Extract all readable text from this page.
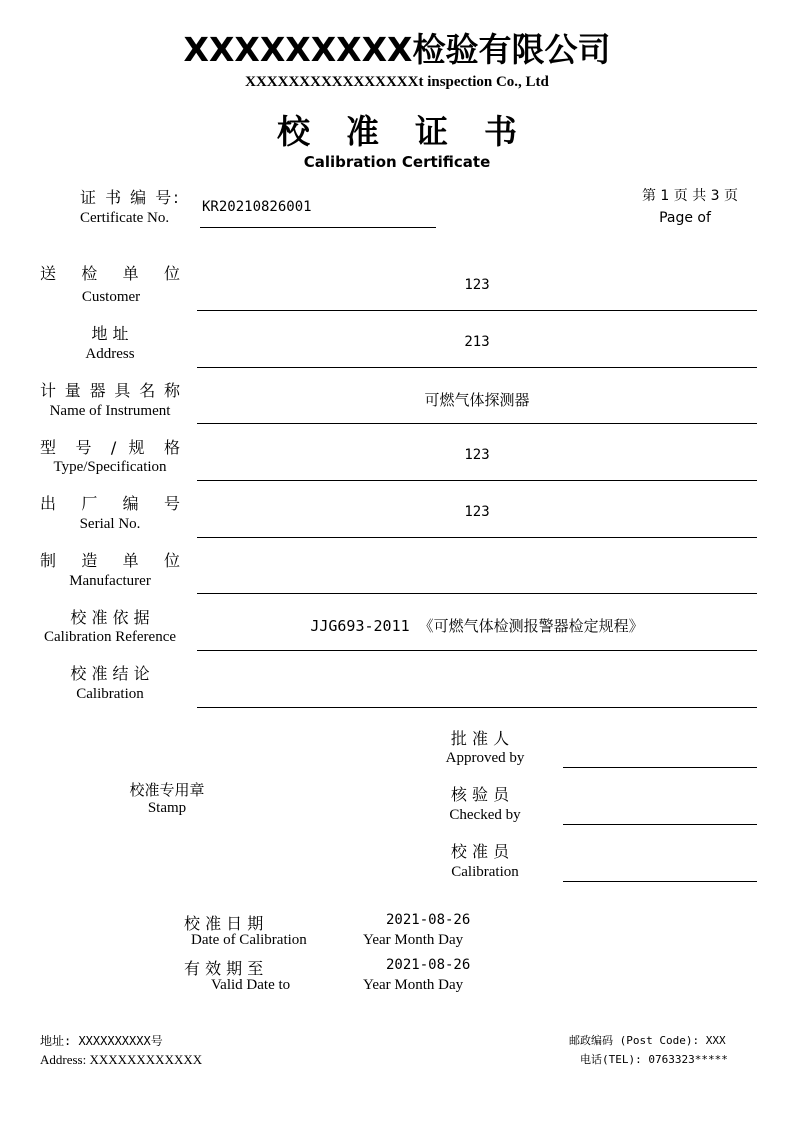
XXXXXXXXX检验有限公司
XXXXXXXXXXXXXXXXt inspection Co., Ltd
校准证书
Calibration Certificate
证 书 编 号:
Certificate No.
KR20210826001
第 1 页 共 3 页
Page of
送 检 单 位
Customer
123
地 址
Address
213
计 量 器 具 名 称
Name of Instrument
可燃气体探测器
型 号 / 规 格
Type/Specification
123
出 厂 编 号
Serial No.
123
制 造 单 位
Manufacturer
校 准 依 据
Calibration Reference
JJG693-2011 《可燃气体检测报警器检定规程》
校 准 结 论
Calibration
校准专用章
Stamp
批 准 人
Approved by
核 验 员
Checked by
校 准 员
Calibration
校 准 日 期
Date of Calibration
2021-08-26
Year Month Day
有 效 期 至
Valid Date to
2021-08-26
Year Month Day
地址: XXXXXXXXXX号
Address: XXXXXXXXXXXX
邮政编码 (Post Code): XXX
电话(TEL): 0763323*****
